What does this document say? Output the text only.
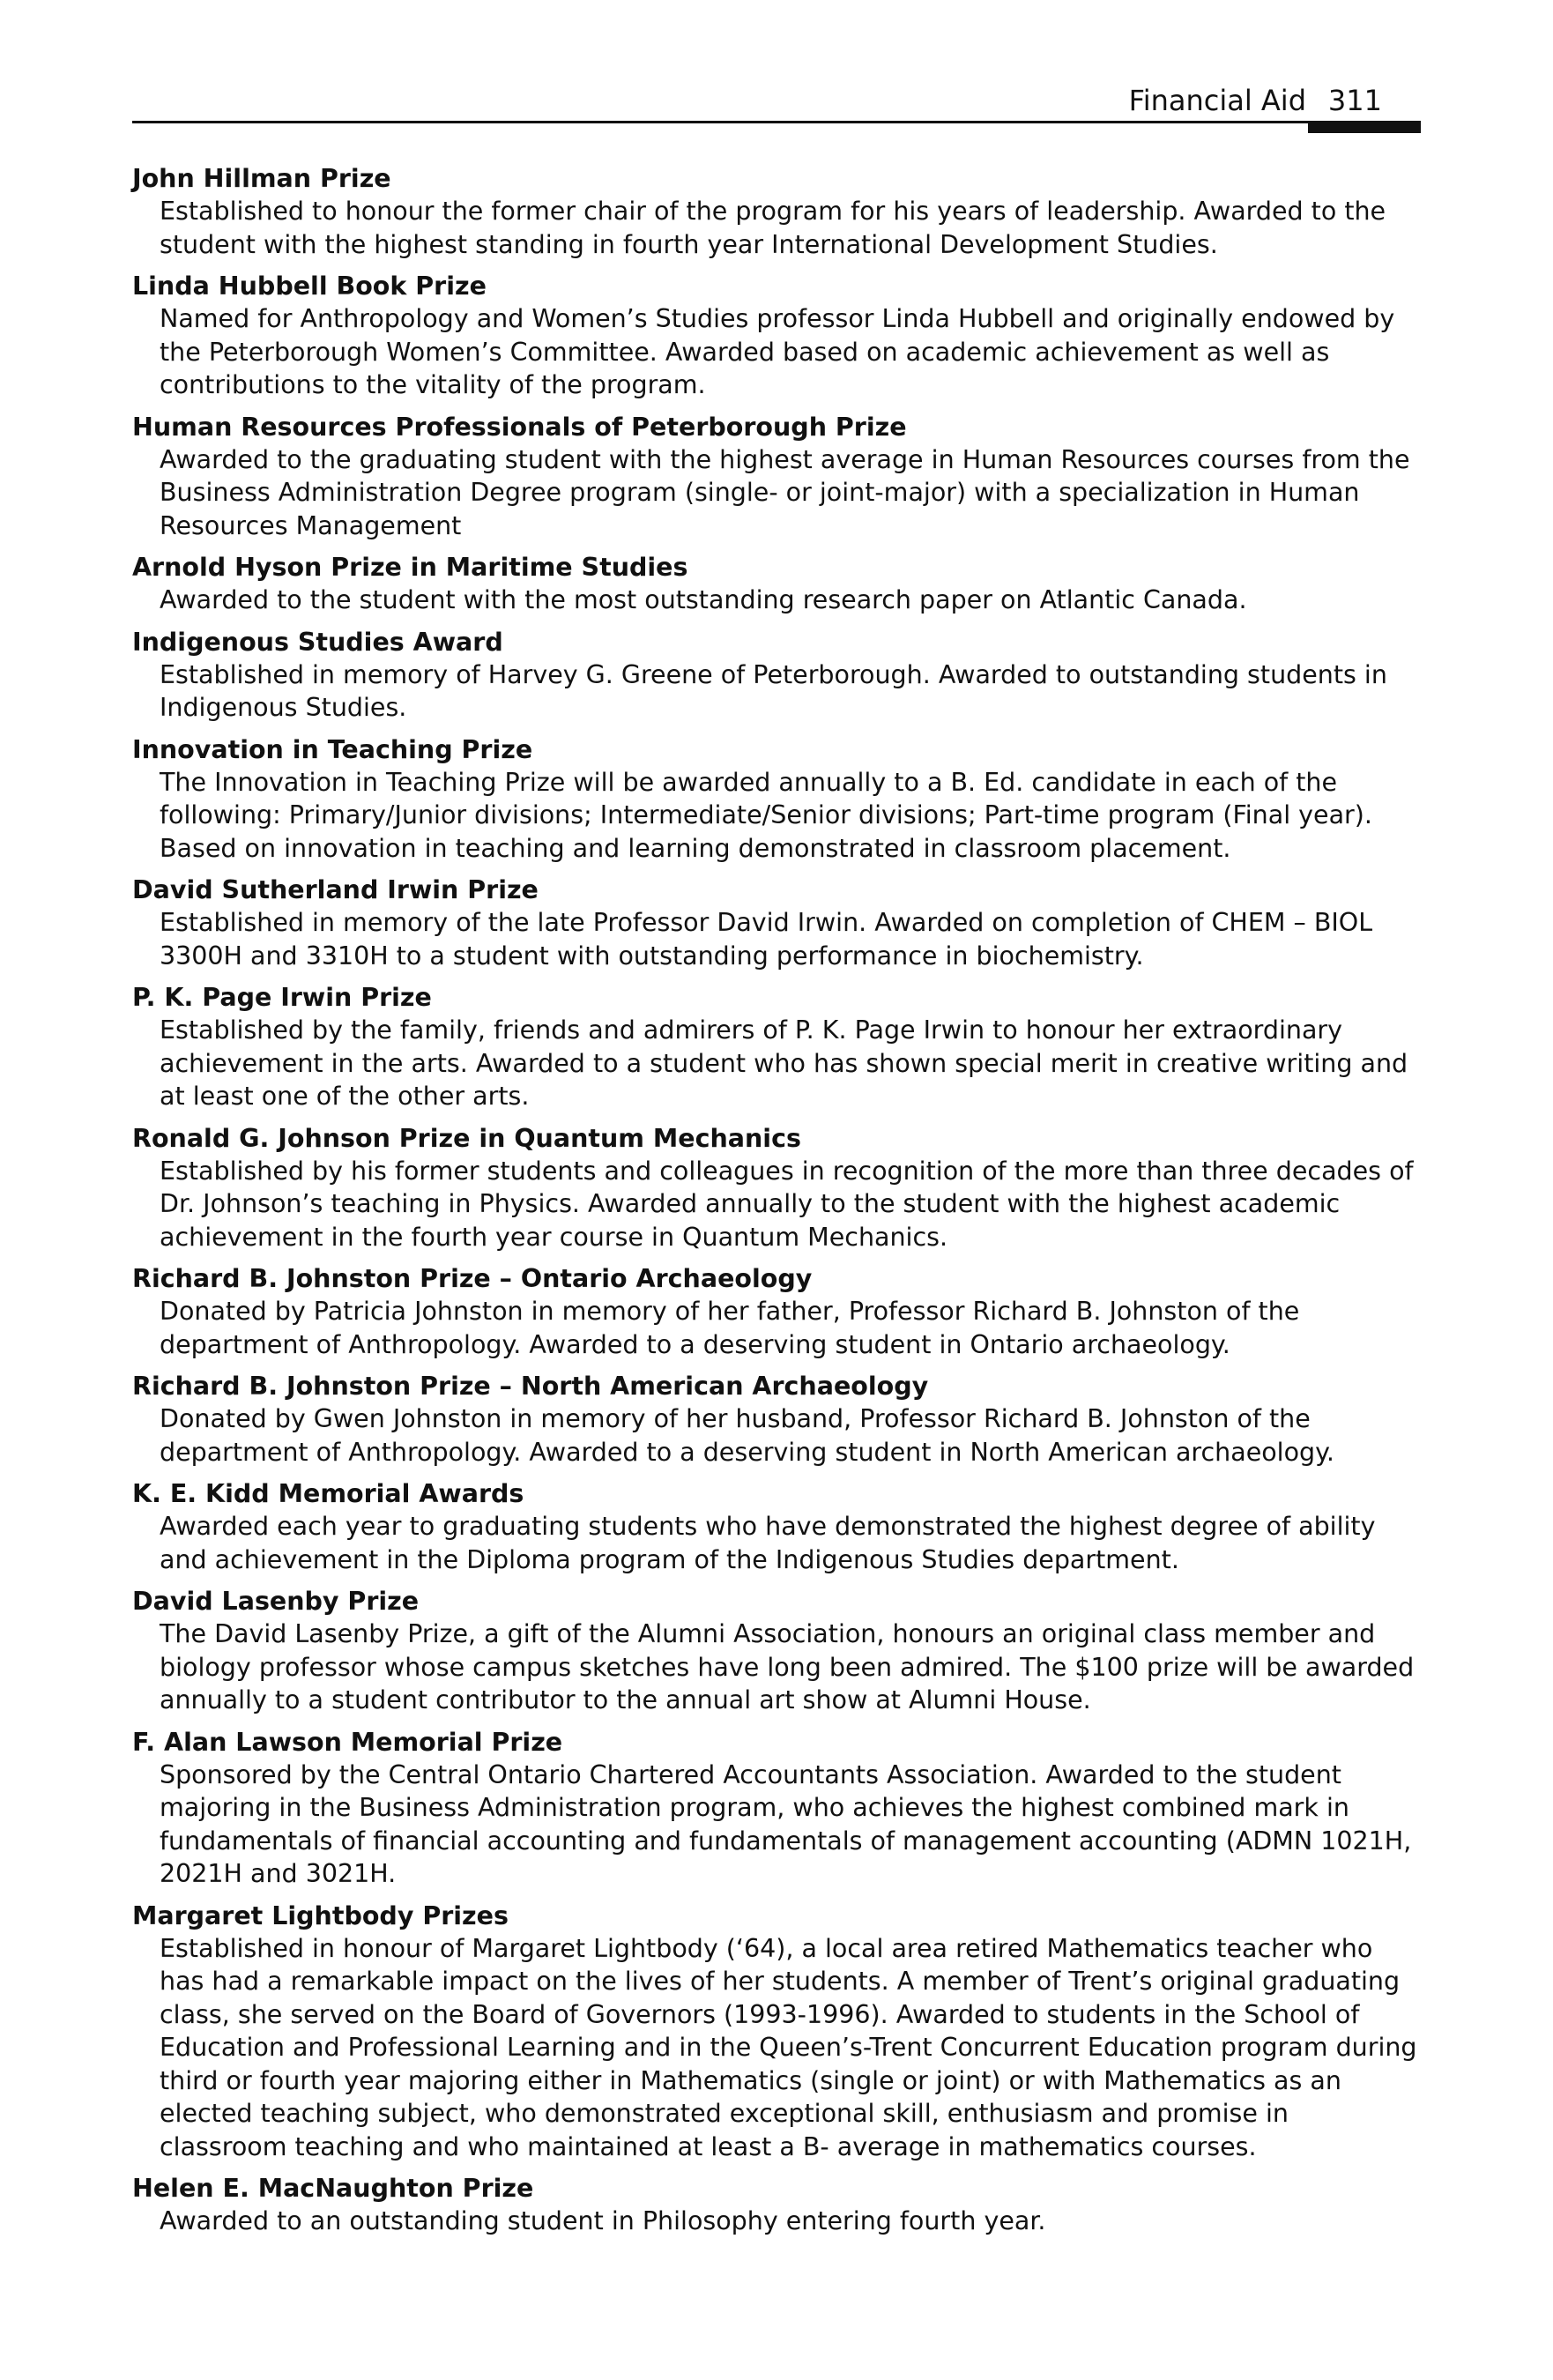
Financial Aid 311

John Hillman Prize

Established to honour the former chair of the program for his years of leadership. Awarded to the student with the highest standing in fourth year International Development Studies.

Linda Hubbell Book Prize

Named for Anthropology and Women’s Studies professor Linda Hubbell and originally endowed by the Peterborough Women’s Committee. Awarded based on academic achievement as well as contributions to the vitality of the program.

Human Resources Professionals of Peterborough Prize

Awarded to the graduating student with the highest average in Human Resources courses from the Business Administration Degree program (single- or joint-major) with a specialization in Human Resources Management

Arnold Hyson Prize in Maritime Studies

Awarded to the student with the most outstanding research paper on Atlantic Canada.

Indigenous Studies Award

Established in memory of Harvey G. Greene of Peterborough. Awarded to outstanding students in Indigenous Studies.

Innovation in Teaching Prize

The Innovation in Teaching Prize will be awarded annually to a B. Ed. candidate in each of the following: Primary/Junior divisions; Intermediate/Senior divisions; Part-time program (Final year). Based on innovation in teaching and learning demonstrated in classroom placement.

David Sutherland Irwin Prize

Established in memory of the late Professor David Irwin. Awarded on completion of CHEM – BIOL 3300H and 3310H to a student with outstanding performance in biochemistry.

P. K. Page Irwin Prize

Established by the family, friends and admirers of P. K. Page Irwin to honour her extraordinary achievement in the arts. Awarded to a student who has shown special merit in creative writing and at least one of the other arts.

Ronald G. Johnson Prize in Quantum Mechanics

Established by his former students and colleagues in recognition of the more than three decades of Dr. Johnson’s teaching in Physics. Awarded annually to the student with the highest academic achievement in the fourth year course in Quantum Mechanics.

Richard B. Johnston Prize – Ontario Archaeology

Donated by Patricia Johnston in memory of her father, Professor Richard B. Johnston of the department of Anthropology. Awarded to a deserving student in Ontario archaeology.

Richard B. Johnston Prize – North American Archaeology

Donated by Gwen Johnston in memory of her husband, Professor Richard B. Johnston of the department of Anthropology. Awarded to a deserving student in North American archaeology.

K. E. Kidd Memorial Awards

Awarded each year to graduating students who have demonstrated the highest degree of ability and achievement in the Diploma program of the Indigenous Studies department.

David Lasenby Prize

The David Lasenby Prize, a gift of the Alumni Association, honours an original class member and biology professor whose campus sketches have long been admired. The $100 prize will be awarded annually to a student contributor to the annual art show at Alumni House.

F. Alan Lawson Memorial Prize

Sponsored by the Central Ontario Chartered Accountants Association. Awarded to the student majoring in the Business Administration program, who achieves the highest combined mark in fundamentals of financial accounting and fundamentals of management accounting (ADMN 1021H, 2021H and 3021H.

Margaret Lightbody Prizes

Established in honour of Margaret Lightbody (‘64), a local area retired Mathematics teacher who has had a remarkable impact on the lives of her students. A member of Trent’s original graduating class, she served on the Board of Governors (1993-1996). Awarded to students in the School of Education and Professional Learning and in the Queen’s-Trent Concurrent Education program during third or fourth year majoring either in Mathematics (single or joint) or with Mathematics as an elected teaching subject, who demonstrated exceptional skill, enthusiasm and promise in classroom teaching and who maintained at least a B- average in mathematics courses.

Helen E. MacNaughton Prize

Awarded to an outstanding student in Philosophy entering fourth year.
